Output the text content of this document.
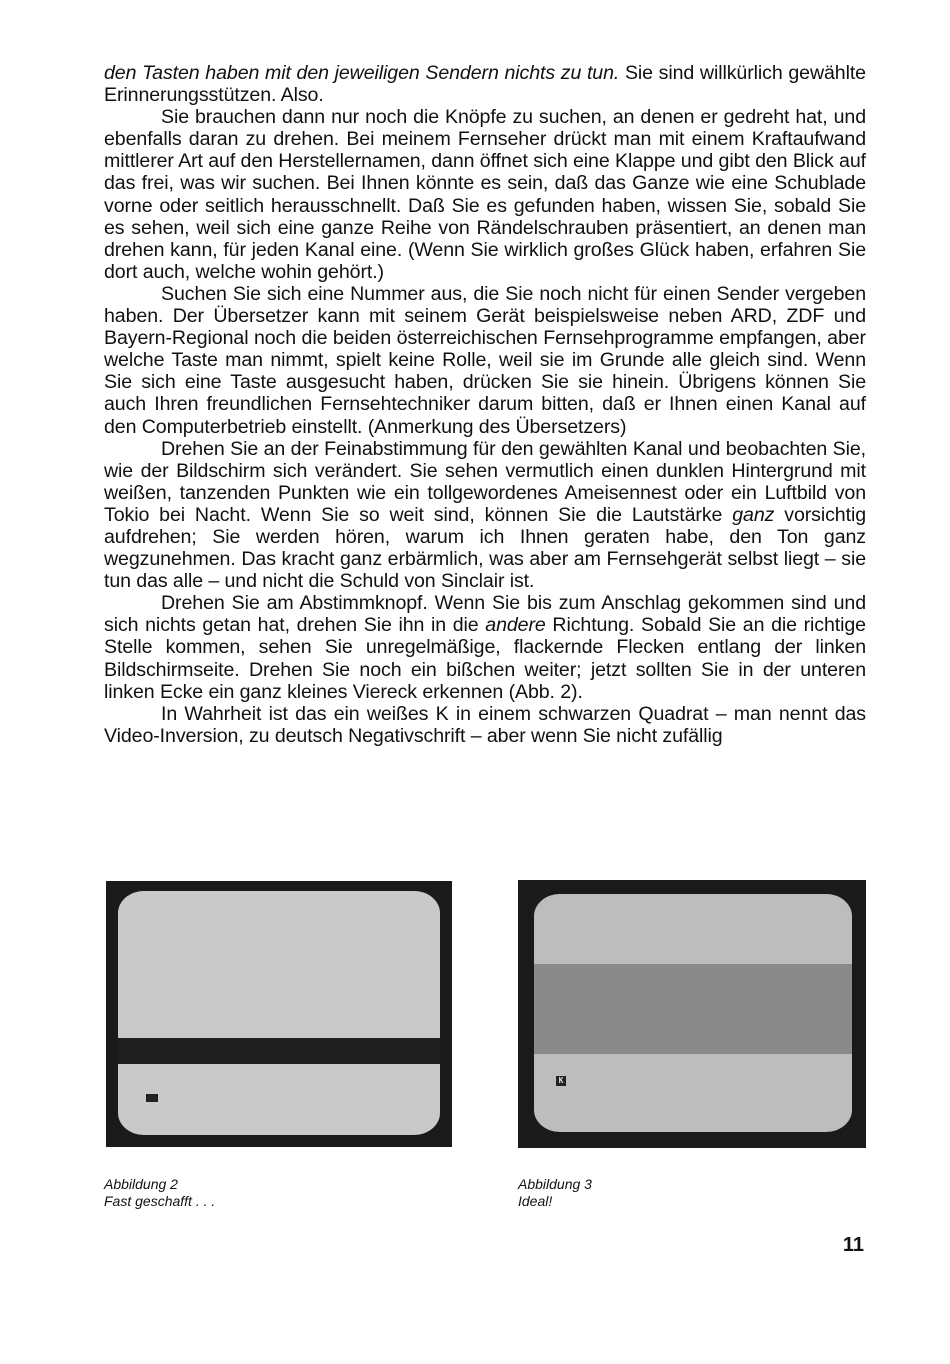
den Tasten haben mit den jeweiligen Sendern nichts zu tun. Sie sind willkürlich gewählte Erinnerungsstützen. Also.

Sie brauchen dann nur noch die Knöpfe zu suchen, an denen er gedreht hat, und ebenfalls daran zu drehen. Bei meinem Fernseher drückt man mit einem Kraftaufwand mittlerer Art auf den Herstellernamen, dann öffnet sich eine Klappe und gibt den Blick auf das frei, was wir suchen. Bei Ihnen könnte es sein, daß das Ganze wie eine Schublade vorne oder seitlich herausschnellt. Daß Sie es gefunden haben, wissen Sie, sobald Sie es sehen, weil sich eine ganze Reihe von Rändelschrauben präsentiert, an denen man drehen kann, für jeden Kanal eine. (Wenn Sie wirklich großes Glück haben, erfahren Sie dort auch, welche wohin gehört.)

Suchen Sie sich eine Nummer aus, die Sie noch nicht für einen Sender vergeben haben. Der Übersetzer kann mit seinem Gerät beispielsweise neben ARD, ZDF und Bayern-Regional noch die beiden österreichischen Fernsehprogramme empfangen, aber welche Taste man nimmt, spielt keine Rolle, weil sie im Grunde alle gleich sind. Wenn Sie sich eine Taste ausgesucht haben, drücken Sie sie hinein. Übrigens können Sie auch Ihren freundlichen Fernsehtechniker darum bitten, daß er Ihnen einen Kanal auf den Computerbetrieb einstellt. (Anmerkung des Übersetzers)

Drehen Sie an der Feinabstimmung für den gewählten Kanal und beobachten Sie, wie der Bildschirm sich verändert. Sie sehen vermutlich einen dunklen Hintergrund mit weißen, tanzenden Punkten wie ein tollgewordenes Ameisennest oder ein Luftbild von Tokio bei Nacht. Wenn Sie so weit sind, können Sie die Lautstärke ganz vorsichtig aufdrehen; Sie werden hören, warum ich Ihnen geraten habe, den Ton ganz wegzunehmen. Das kracht ganz erbärmlich, was aber am Fernsehgerät selbst liegt – sie tun das alle – und nicht die Schuld von Sinclair ist.

Drehen Sie am Abstimmknopf. Wenn Sie bis zum Anschlag gekommen sind und sich nichts getan hat, drehen Sie ihn in die andere Richtung. Sobald Sie an die richtige Stelle kommen, sehen Sie unregelmäßige, flackernde Flecken entlang der linken Bildschirmseite. Drehen Sie noch ein bißchen weiter; jetzt sollten Sie in der unteren linken Ecke ein ganz kleines Viereck erkennen (Abb. 2).

In Wahrheit ist das ein weißes K in einem schwarzen Quadrat – man nennt das Video-Inversion, zu deutsch Negativschrift – aber wenn Sie nicht zufällig

K
Abbildung 2
Fast geschafft . . .
Abbildung 3
Ideal!
11
